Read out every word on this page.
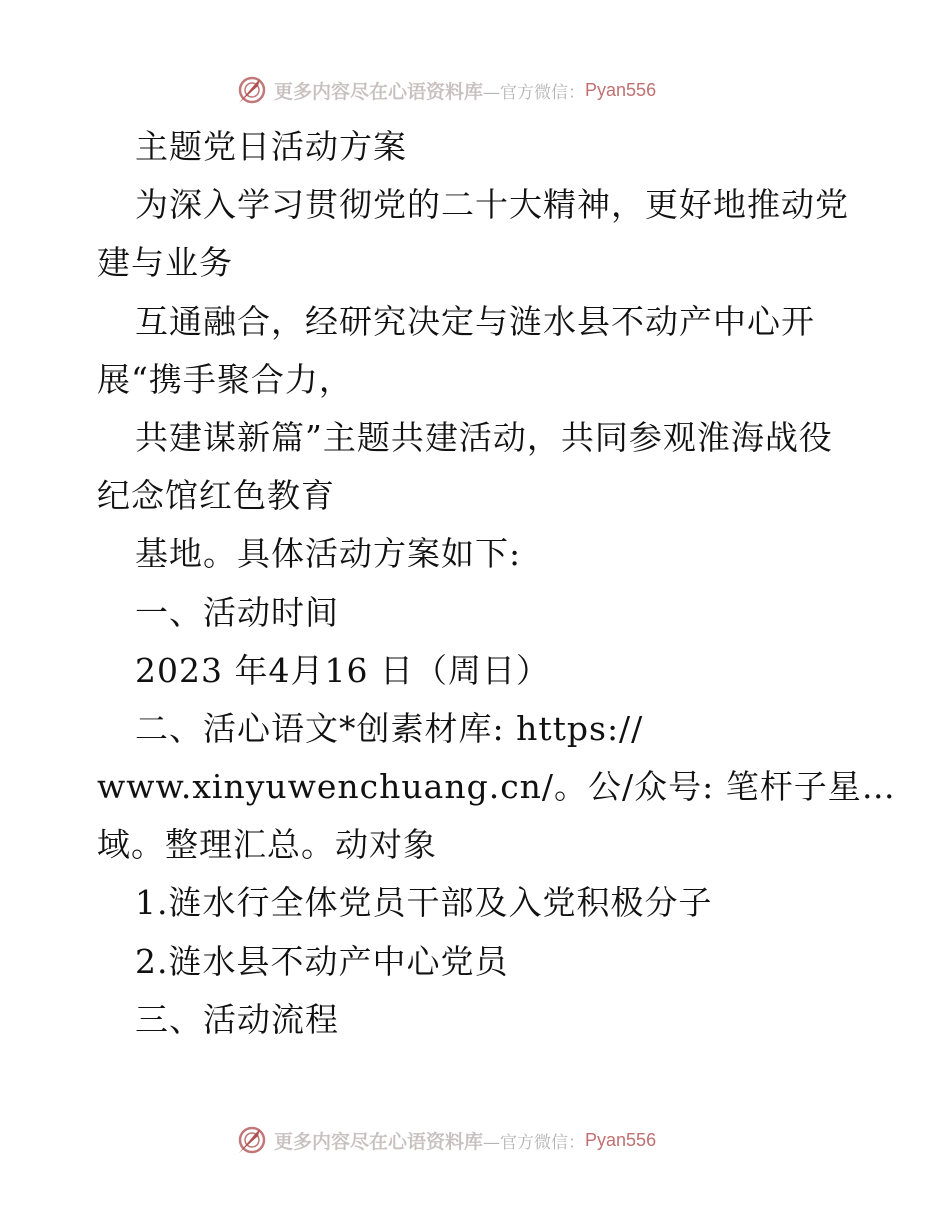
更多内容尽在心语资料库 —官方微信： Pyan556
主题党日活动方案
为深入学习贯彻党的二十大精神，更好地推动党
建与业务
互通融合，经研究决定与涟水县不动产中心开
展“携手聚合力，
共建谋新篇”主题共建活动，共同参观淮海战役
纪念馆红色教育
基地。具体活动方案如下:
一、活动时间
2023 年4月16 日（周日）
二、活心语文*创素材库: https://
www.xinyuwenchuang.cn/。公/众号: 笔杆子星…
域。整理汇总。动对象
1.涟水行全体党员干部及入党积极分子
2.涟水县不动产中心党员
三、活动流程
更多内容尽在心语资料库 —官方微信： Pyan556
